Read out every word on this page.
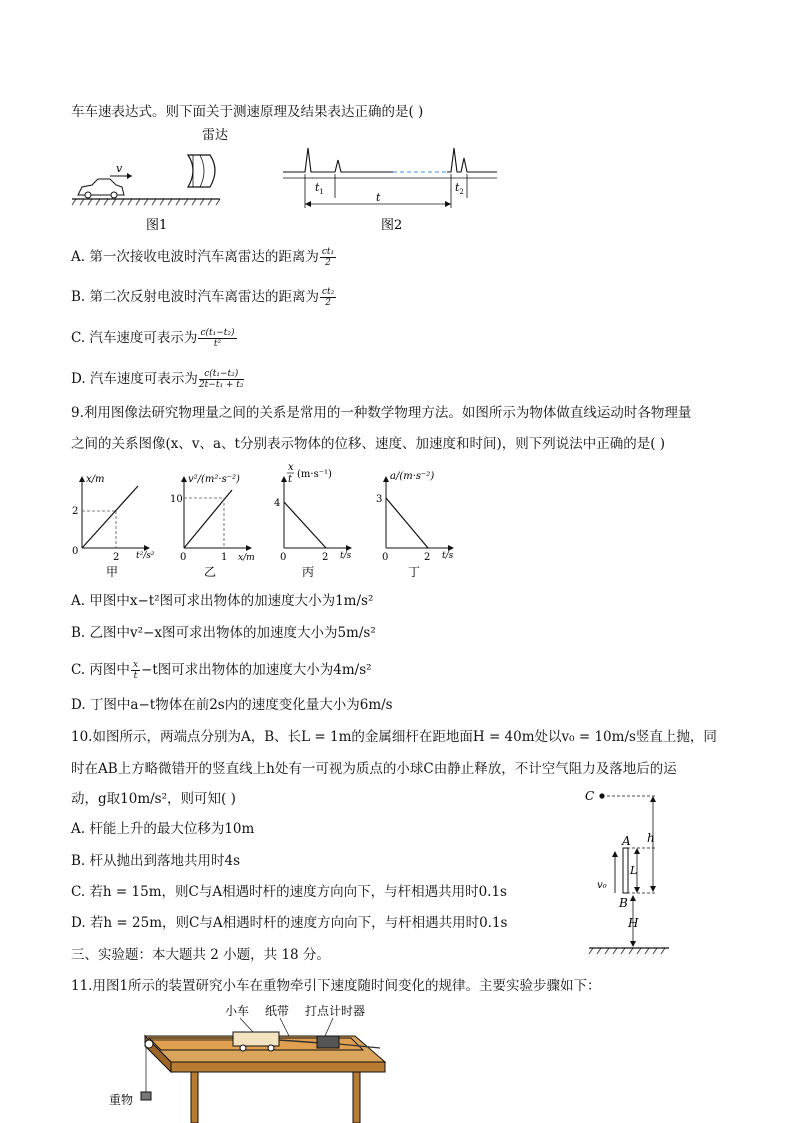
车车速表达式。则下面关于测速原理及结果表达正确的是( )
雷达
v
图1
$t_1$	$t_2$
t
图2
A. 第一次接收电波时汽车离雷达的距离为 $\frac{\text{ct₁}}{2}$
B. 第二次反射电波时汽车离雷达的距离为 $\frac{\text{ct₂}}{2}$
C. 汽车速度可表示为 $\frac{\text{c(t₁−t₂)}}{\text{t²}}$
D. 汽车速度可表示为 $\frac{\text{c(t₁−t₂)}}{\text{2t−t₁ + t₂}}$
9.利用图像法研究物理量之间的关系是常用的一种数学物理方法。如图所示为物体做直线运动时各物理量
之间的关系图像(x、v、a、t分别表示物体的位移、速度、加速度和时间)，则下列说法中正确的是( )
x/m
2
0
2 t²/s²
甲
v²/(m²·s⁻²)
10
0	1 x/m
乙
x
t (m·s⁻¹)
4
0	2 t/s
丙
a/(m·s⁻²)
3
0	2 t/s
丁
A. 甲图中x−t²图可求出物体的加速度大小为1m/s²
B. 乙图中v²−x图可求出物体的加速度大小为5m/s²
C. 丙图中 $\frac{x}{t} -t$图可求出物体的加速度大小为4m/s²
D. 丁图中a−t物体在前2s内的速度变化量大小为6m/s
10.如图所示，两端点分别为A，B、长L = 1m的金属细杆在距地面H = 40m处以v₀ = 10m/s竖直上抛，同
时在AB上方略微错开的竖直线上h处有一可视为质点的小球C由静止释放，不计空气阻力及落地后的运
动，g取10m/s²，则可知( )
A. 杆能上升的最大位移为10m
B. 杆从抛出到落地共用时4s
C. 若h = 15m，则C与A相遇时杆的速度方向向下，与杆相遇共用时0.1s
D. 若h = 25m，则C与A相遇时杆的速度方向向下，与杆相遇共用时0.1s
C
h
A
B
v₀
L
H
三、实验题：本大题共 2 小题，共 18 分。
11.用图1所示的装置研究小车在重物牵引下速度随时间变化的规律。主要实验步骤如下：
小车 纸带 打点计时器
重物
